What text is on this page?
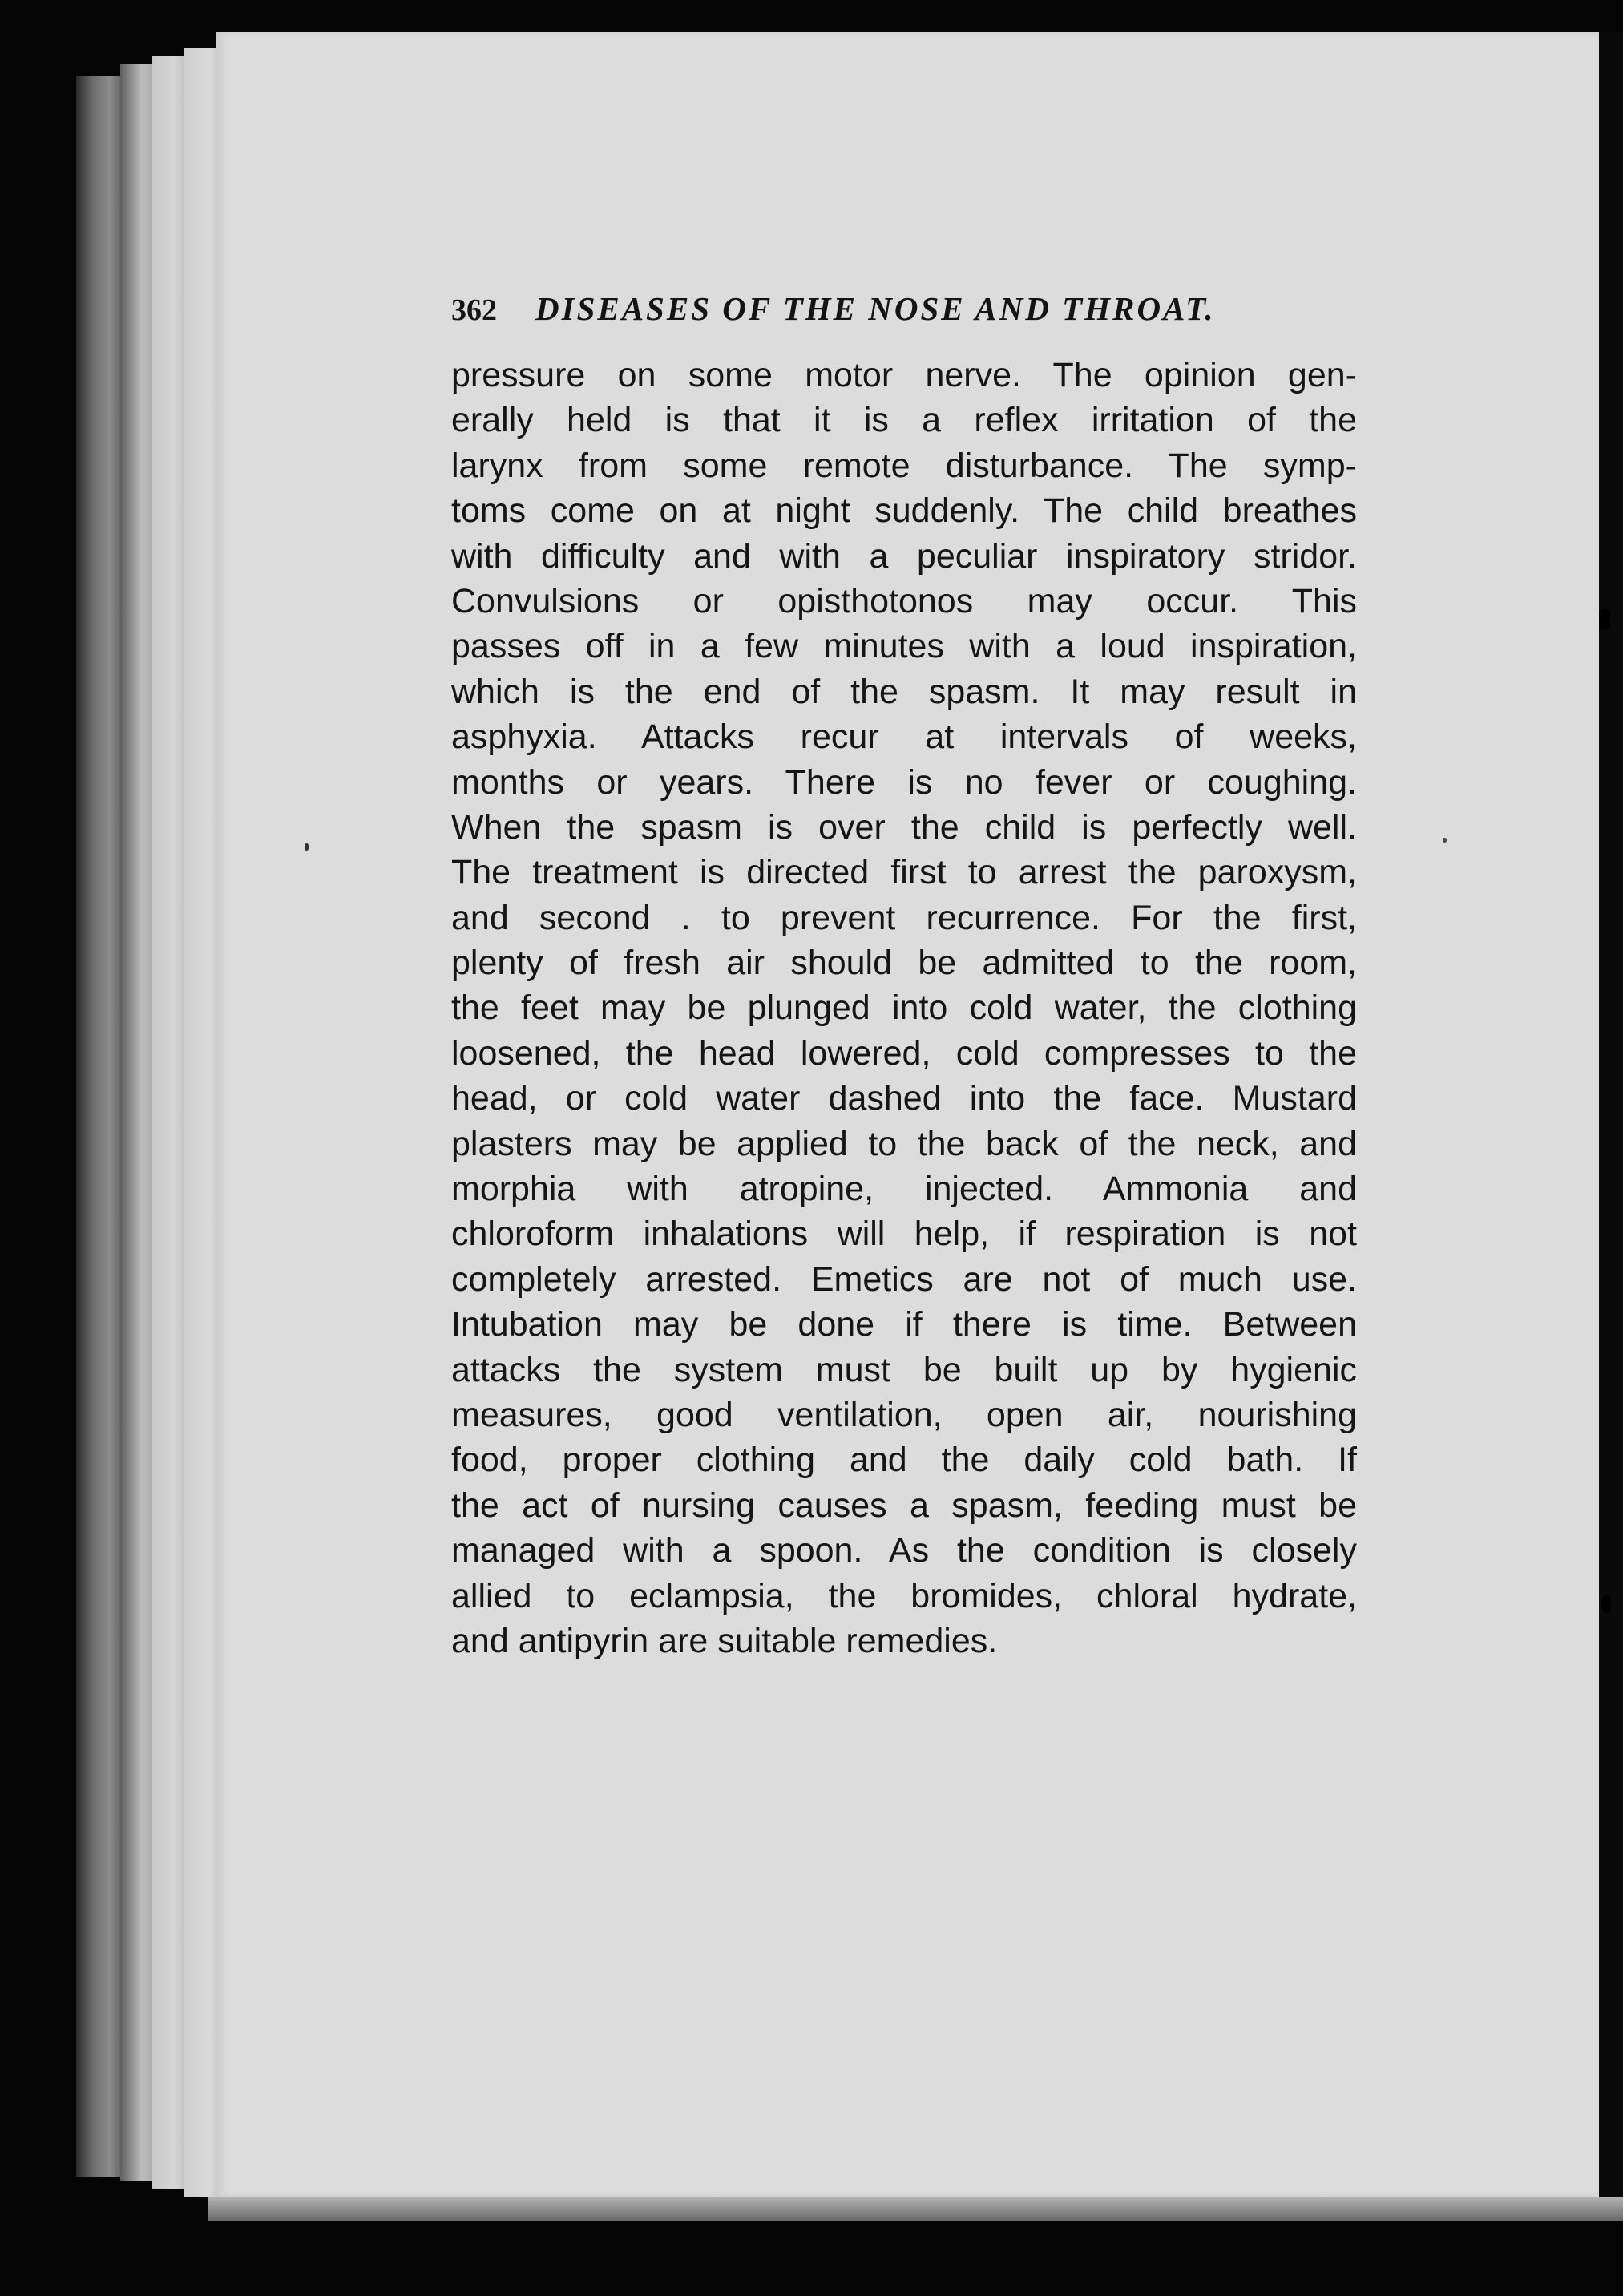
362 DISEASES OF THE NOSE AND THROAT.
pressure on some motor nerve. The opinion gen-
erally held is that it is a reflex irritation of the
larynx from some remote disturbance. The symp-
toms come on at night suddenly. The child breathes
with difficulty and with a peculiar inspiratory stridor.
Convulsions or opisthotonos may occur. This
passes off in a few minutes with a loud inspiration,
which is the end of the spasm. It may result in
asphyxia. Attacks recur at intervals of weeks,
months or years. There is no fever or coughing.
When the spasm is over the child is perfectly well.
The treatment is directed first to arrest the paroxysm,
and second . to prevent recurrence. For the first,
plenty of fresh air should be admitted to the room,
the feet may be plunged into cold water, the clothing
loosened, the head lowered, cold compresses to the
head, or cold water dashed into the face. Mustard
plasters may be applied to the back of the neck, and
morphia with atropine, injected. Ammonia and
chloroform inhalations will help, if respiration is not
completely arrested. Emetics are not of much use.
Intubation may be done if there is time. Between
attacks the system must be built up by hygienic
measures, good ventilation, open air, nourishing
food, proper clothing and the daily cold bath. If
the act of nursing causes a spasm, feeding must be
managed with a spoon. As the condition is closely
allied to eclampsia, the bromides, chloral hydrate,
and antipyrin are suitable remedies.
